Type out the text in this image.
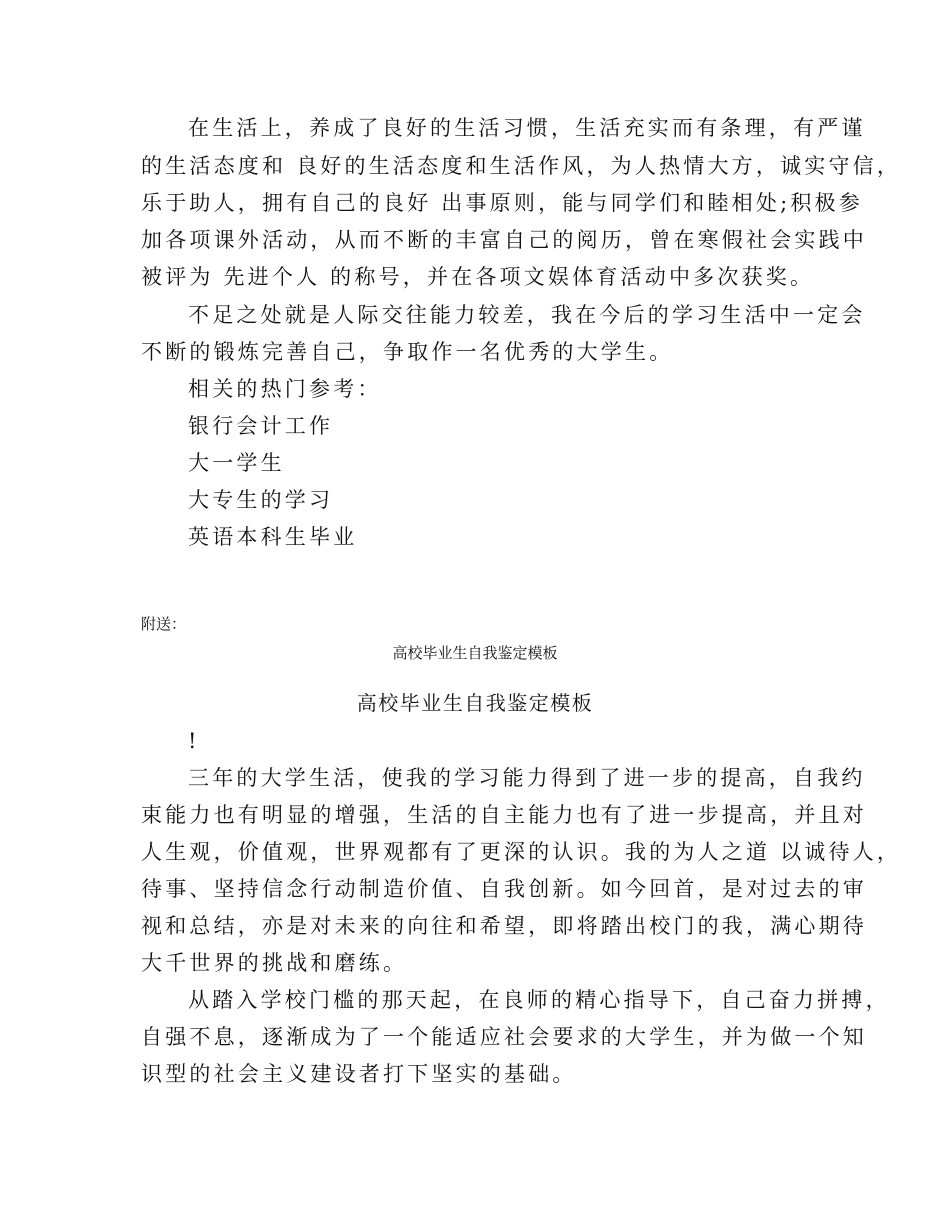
在生活上，养成了良好的生活习惯，生活充实而有条理，有严谨
的生活态度和 良好的生活态度和生活作风，为人热情大方，诚实守信，
乐于助人，拥有自己的良好 出事原则，能与同学们和睦相处;积极参
加各项课外活动，从而不断的丰富自己的阅历，曾在寒假社会实践中
被评为 先进个人 的称号，并在各项文娱体育活动中多次获奖。
不足之处就是人际交往能力较差，我在今后的学习生活中一定会
不断的锻炼完善自己，争取作一名优秀的大学生。
相关的热门参考：
银行会计工作
大一学生
大专生的学习
英语本科生毕业
附送：
高校毕业生自我鉴定模板
高校毕业生自我鉴定模板
!
三年的大学生活，使我的学习能力得到了进一步的提高，自我约
束能力也有明显的增强，生活的自主能力也有了进一步提高，并且对
人生观，价值观，世界观都有了更深的认识。我的为人之道 以诚待人，
待事、坚持信念行动制造价值、自我创新。如今回首，是对过去的审
视和总结，亦是对未来的向往和希望，即将踏出校门的我，满心期待
大千世界的挑战和磨练。
从踏入学校门槛的那天起，在良师的精心指导下，自己奋力拼搏，
自强不息，逐渐成为了一个能适应社会要求的大学生，并为做一个知
识型的社会主义建设者打下坚实的基础。
